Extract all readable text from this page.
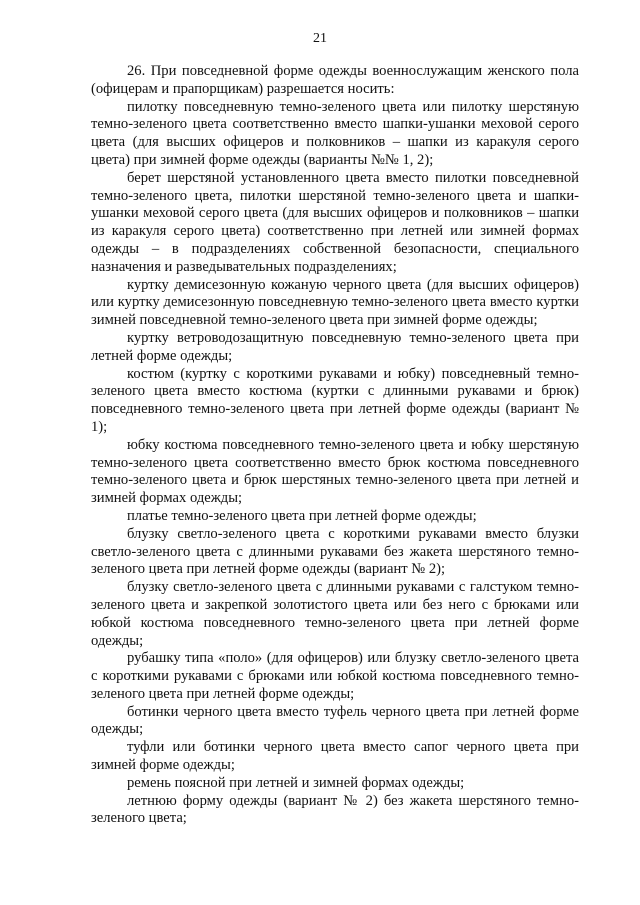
21

26. При повседневной форме одежды военнослужащим женского пола (офицерам и прапорщикам) разрешается носить:

пилотку повседневную темно-зеленого цвета или пилотку шерстяную темно-зеленого цвета соответственно вместо шапки-ушанки меховой серого цвета (для высших офицеров и полковников – шапки из каракуля серого цвета) при зимней форме одежды (варианты №№ 1, 2);

берет шерстяной установленного цвета вместо пилотки повседневной темно-зеленого цвета, пилотки шерстяной темно-зеленого цвета и шапки-ушанки меховой серого цвета (для высших офицеров и полковников – шапки из каракуля серого цвета) соответственно при летней или зимней формах одежды – в подразделениях собственной безопасности, специального назначения и разведывательных подразделениях;

куртку демисезонную кожаную черного цвета (для высших офицеров) или куртку демисезонную повседневную темно-зеленого цвета вместо куртки зимней повседневной темно-зеленого цвета при зимней форме одежды;

куртку ветроводозащитную повседневную темно-зеленого цвета при летней форме одежды;

костюм (куртку с короткими рукавами и юбку) повседневный темно-зеленого цвета вместо костюма (куртки с длинными рукавами и брюк) повседневного темно-зеленого цвета при летней форме одежды (вариант № 1);

юбку костюма повседневного темно-зеленого цвета и юбку шерстяную темно-зеленого цвета соответственно вместо брюк костюма повседневного темно-зеленого цвета и брюк шерстяных темно-зеленого цвета при летней и зимней формах одежды;

платье темно-зеленого цвета при летней форме одежды;

блузку светло-зеленого цвета с короткими рукавами вместо блузки светло-зеленого цвета с длинными рукавами без жакета шерстяного темно-зеленого цвета при летней форме одежды (вариант № 2);

блузку светло-зеленого цвета с длинными рукавами с галстуком темно-зеленого цвета и закрепкой золотистого цвета или без него с брюками или юбкой костюма повседневного темно-зеленого цвета при летней форме одежды;

рубашку типа «поло» (для офицеров) или блузку светло-зеленого цвета с короткими рукавами с брюками или юбкой костюма повседневного темно-зеленого цвета при летней форме одежды;

ботинки черного цвета вместо туфель черного цвета при летней форме одежды;

туфли или ботинки черного цвета вместо сапог черного цвета при зимней форме одежды;

ремень поясной при летней и зимней формах одежды;

летнюю форму одежды (вариант № 2) без жакета шерстяного темно-зеленого цвета;
